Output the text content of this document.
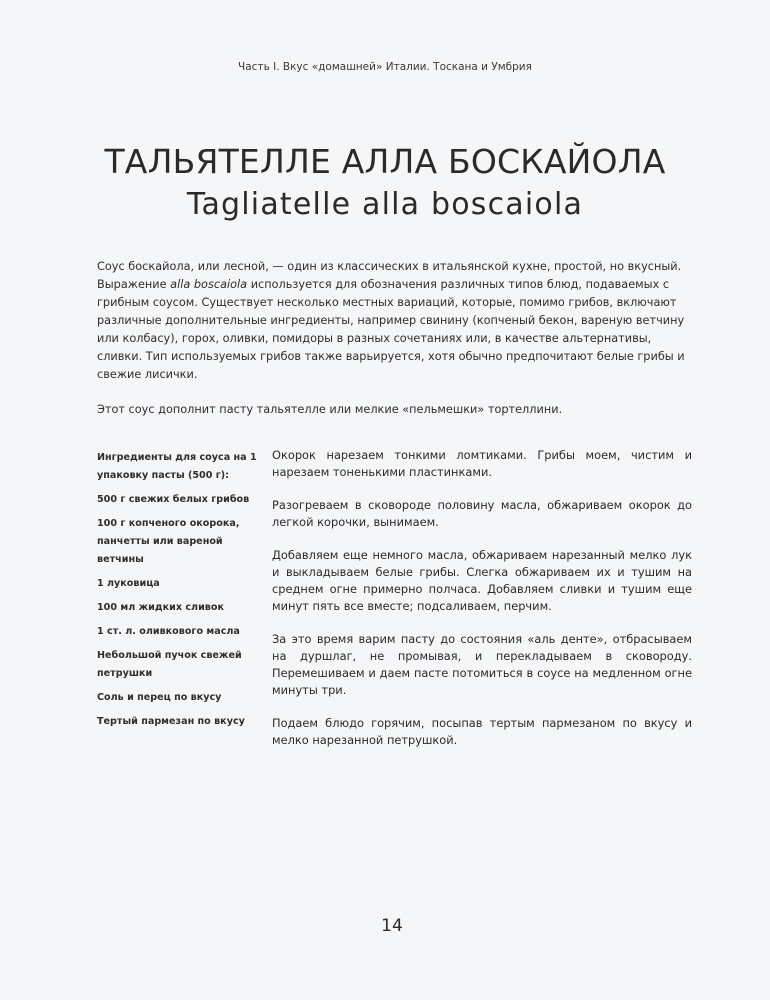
Часть I. Вкус «домашней» Италии. Тоскана и Умбрия
ТАЛЬЯТЕЛЛЕ АЛЛА БОСКАЙОЛА
Tagliatelle alla boscaiola

Соус боскайола, или лесной, — один из классических в итальянской кухне, простой, но вкусный. Выражение alla boscaiola используется для обозначения различных типов блюд, подаваемых с грибным соусом. Существует несколько местных вариаций, которые, помимо грибов, включают различные дополнительные ингредиенты, например свинину (копченый бекон, вареную ветчину или колбасу), горох, оливки, помидоры в разных сочетаниях или, в качестве альтернативы, сливки. Тип используемых грибов также варьируется, хотя обычно предпочитают белые грибы и свежие лисички.

Этот соус дополнит пасту тальятелле или мелкие «пельмешки» тортеллини.

Ингредиенты для соуса на 1 упаковку пасты (500 г):
500 г свежих белых грибов
100 г копченого окорока, панчетты или вареной ветчины
1 луковица
100 мл жидких сливок
1 ст. л. оливкового масла
Небольшой пучок свежей петрушки
Соль и перец по вкусу
Тертый пармезан по вкусу

Окорок нарезаем тонкими ломтиками. Грибы моем, чистим и нарезаем тоненькими пластинками.

Разогреваем в сковороде половину масла, обжариваем окорок до легкой корочки, вынимаем.

Добавляем еще немного масла, обжариваем нарезанный мелко лук и выкладываем белые грибы. Слегка обжариваем их и тушим на среднем огне примерно полчаса. Добавляем сливки и тушим еще минут пять все вместе; подсаливаем, перчим.

За это время варим пасту до состояния «аль денте», отбрасываем на дуршлаг, не промывая, и перекладываем в сковороду. Перемешиваем и даем пасте потомиться в соусе на медленном огне минуты три.

Подаем блюдо горячим, посыпав тертым пармезаном по вкусу и мелко нарезанной петрушкой.

14
